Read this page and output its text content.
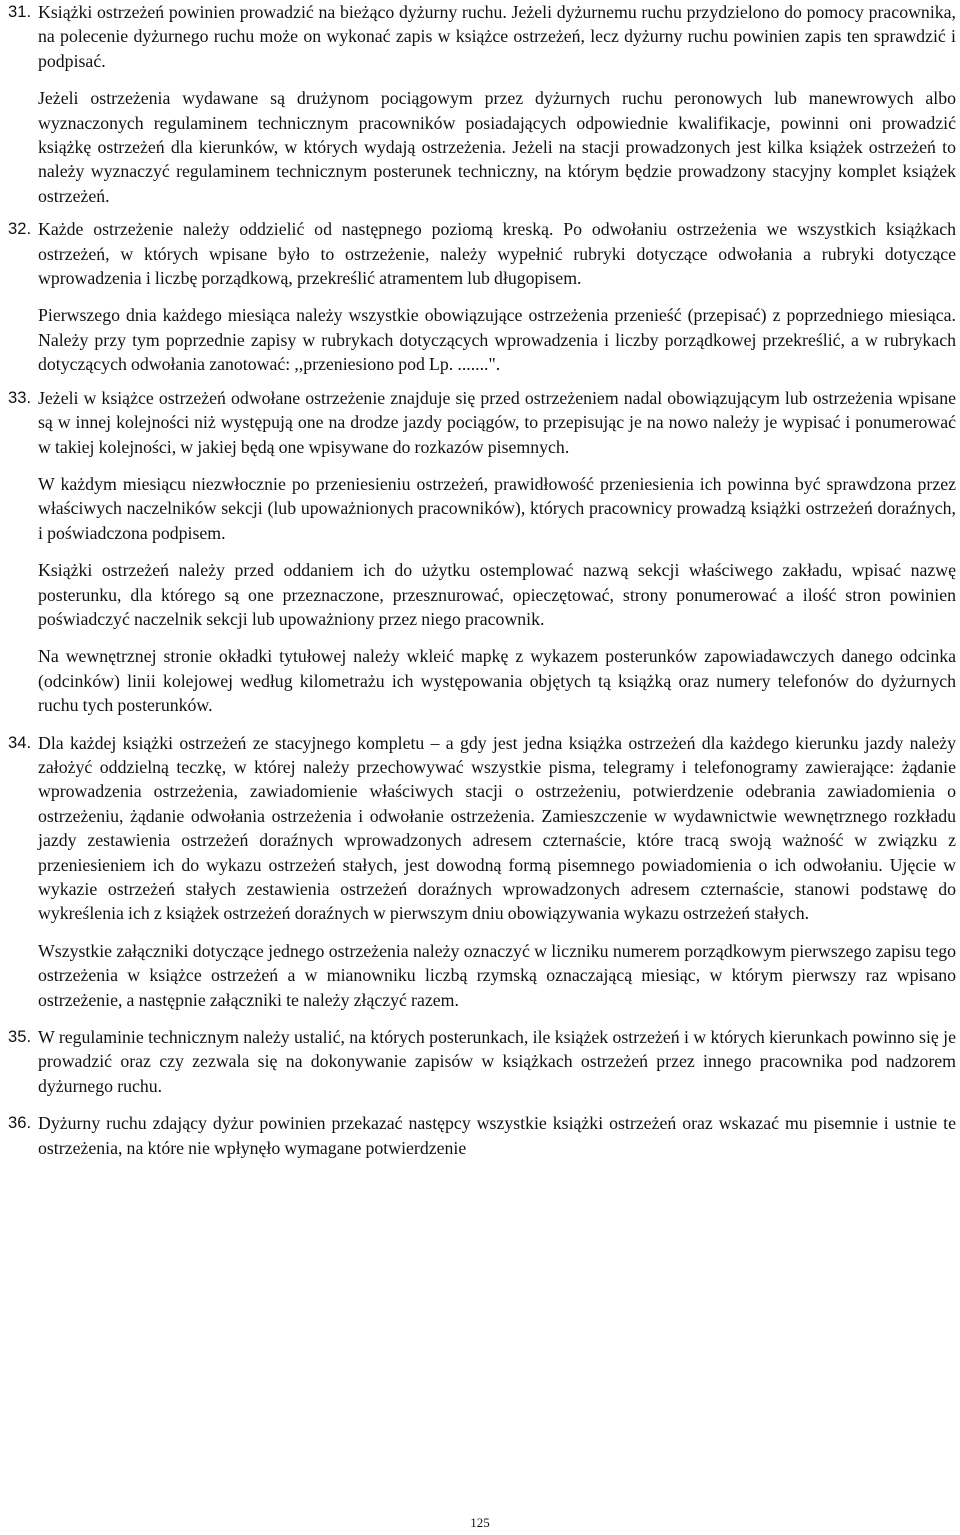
31. Książki ostrzeżeń powinien prowadzić na bieżąco dyżurny ruchu. Jeżeli dyżurnemu ruchu przydzielono do pomocy pracownika, na polecenie dyżurnego ruchu może on wykonać zapis w książce ostrzeżeń, lecz dyżurny ruchu powinien zapis ten sprawdzić i podpisać.

Jeżeli ostrzeżenia wydawane są drużynom pociągowym przez dyżurnych ruchu peronowych lub manewrowych albo wyznaczonych regulaminem technicznym pracowników posiadających odpowiednie kwalifikacje, powinni oni prowadzić książkę ostrzeżeń dla kierunków, w których wydają ostrzeżenia. Jeżeli na stacji prowadzonych jest kilka książek ostrzeżeń to należy wyznaczyć regulaminem technicznym posterunek techniczny, na którym będzie prowadzony stacyjny komplet książek ostrzeżeń.

32. Każde ostrzeżenie należy oddzielić od następnego poziomą kreską. Po odwołaniu ostrzeżenia we wszystkich książkach ostrzeżeń, w których wpisane było to ostrzeżenie, należy wypełnić rubryki dotyczące odwołania a rubryki dotyczące wprowadzenia i liczbę porządkową, przekreślić atramentem lub długopisem.

Pierwszego dnia każdego miesiąca należy wszystkie obowiązujące ostrzeżenia przenieść (przepisać) z poprzedniego miesiąca. Należy przy tym poprzednie zapisy w rubrykach dotyczących wprowadzenia i liczby porządkowej przekreślić, a w rubrykach dotyczących odwołania zanotować: ,,przeniesiono pod Lp. .......".

33. Jeżeli w książce ostrzeżeń odwołane ostrzeżenie znajduje się przed ostrzeżeniem nadal obowiązującym lub ostrzeżenia wpisane są w innej kolejności niż występują one na drodze jazdy pociągów, to przepisując je na nowo należy je wypisać i ponumerować w takiej kolejności, w jakiej będą one wpisywane do rozkazów pisemnych.

W każdym miesiącu niezwłocznie po przeniesieniu ostrzeżeń, prawidłowość przeniesienia ich powinna być sprawdzona przez właściwych naczelników sekcji (lub upoważnionych pracowników), których pracownicy prowadzą książki ostrzeżeń doraźnych, i poświadczona podpisem.

Książki ostrzeżeń należy przed oddaniem ich do użytku ostemplować nazwą sekcji właściwego zakładu, wpisać nazwę posterunku, dla którego są one przeznaczone, przesznurować, opieczętować, strony ponumerować a ilość stron powinien poświadczyć naczelnik sekcji lub upoważniony przez niego pracownik.

Na wewnętrznej stronie okładki tytułowej należy wkleić mapkę z wykazem posterunków zapowiadawczych danego odcinka (odcinków) linii kolejowej według kilometrażu ich występowania objętych tą książką oraz numery telefonów do dyżurnych ruchu tych posterunków.

34. Dla każdej książki ostrzeżeń ze stacyjnego kompletu – a gdy jest jedna książka ostrzeżeń dla każdego kierunku jazdy należy założyć oddzielną teczkę, w której należy przechowywać wszystkie pisma, telegramy i telefonogramy zawierające: żądanie wprowadzenia ostrzeżenia, zawiadomienie właściwych stacji o ostrzeżeniu, potwierdzenie odebrania zawiadomienia o ostrzeżeniu, żądanie odwołania ostrzeżenia i odwołanie ostrzeżenia. Zamieszczenie w wydawnictwie wewnętrznego rozkładu jazdy zestawienia ostrzeżeń doraźnych wprowadzonych adresem czternaście, które tracą swoją ważność w związku z przeniesieniem ich do wykazu ostrzeżeń stałych, jest dowodną formą pisemnego powiadomienia o ich odwołaniu. Ujęcie w wykazie ostrzeżeń stałych zestawienia ostrzeżeń doraźnych wprowadzonych adresem czternaście, stanowi podstawę do wykreślenia ich z książek ostrzeżeń doraźnych w pierwszym dniu obowiązywania wykazu ostrzeżeń stałych.

Wszystkie załączniki dotyczące jednego ostrzeżenia należy oznaczyć w liczniku numerem porządkowym pierwszego zapisu tego ostrzeżenia w książce ostrzeżeń a w mianowniku liczbą rzymską oznaczającą miesiąc, w którym pierwszy raz wpisano ostrzeżenie, a następnie załączniki te należy złączyć razem.

35. W regulaminie technicznym należy ustalić, na których posterunkach, ile książek ostrzeżeń i w których kierunkach powinno się je prowadzić oraz czy zezwala się na dokonywanie zapisów w książkach ostrzeżeń przez innego pracownika pod nadzorem dyżurnego ruchu.

36. Dyżurny ruchu zdający dyżur powinien przekazać następcy wszystkie książki ostrzeżeń oraz wskazać mu pisemnie i ustnie te ostrzeżenia, na które nie wpłynęło wymagane potwierdzenie

125
